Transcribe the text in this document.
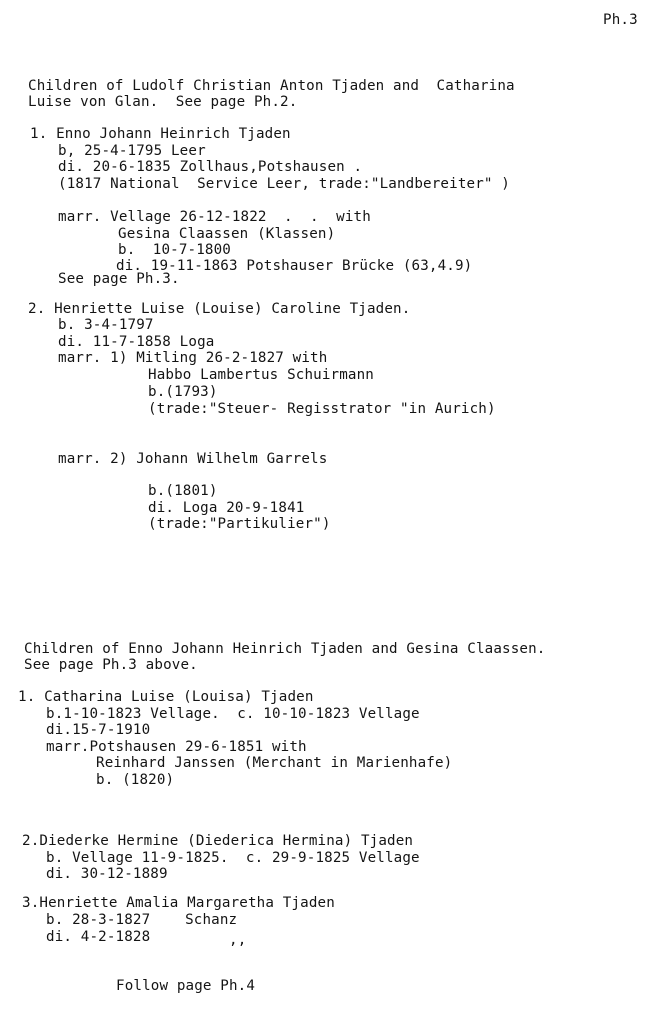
Ph.3
Children of Ludolf Christian Anton Tjaden and  Catharina
Luise von Glan.  See page Ph.2.
1. Enno Johann Heinrich Tjaden
b, 25-4-1795 Leer
di. 20-6-1835 Zollhaus,Potshausen .
(1817 National  Service Leer, trade:"Landbereiter" )
marr. Vellage 26-12-1822  .  .  with
Gesina Claassen (Klassen)
b.  10-7-1800
di. 19-11-1863 Potshauser Brücke (63,4.9)
See page Ph.3.
2. Henriette Luise (Louise) Caroline Tjaden.
b. 3-4-1797
di. 11-7-1858 Loga
marr. 1) Mitling 26-2-1827 with
Habbo Lambertus Schuirmann
b.(1793)
(trade:"Steuer- Regisstrator "in Aurich)
marr. 2) Johann Wilhelm Garrels
b.(1801)
di. Loga 20-9-1841
(trade:"Partikulier")
Children of Enno Johann Heinrich Tjaden and Gesina Claassen.
See page Ph.3 above.
1. Catharina Luise (Louisa) Tjaden
b.1-10-1823 Vellage.  c. 10-10-1823 Vellage
di.15-7-1910
marr.Potshausen 29-6-1851 with
Reinhard Janssen (Merchant in Marienhafe)
b. (1820)
2.Diederke Hermine (Diederica Hermina) Tjaden
b. Vellage 11-9-1825.  c. 29-9-1825 Vellage
di. 30-12-1889
3.Henriette Amalia Margaretha Tjaden
b. 28-3-1827    Schanz
di. 4-2-1828	,,
Follow page Ph.4
